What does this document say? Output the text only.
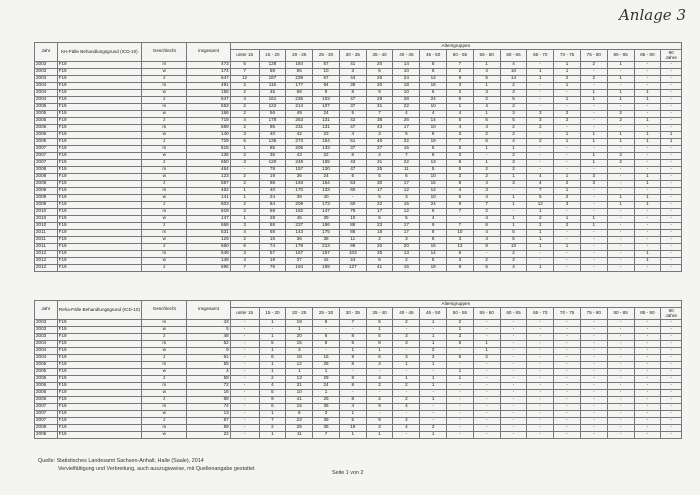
Anlage 3
Jahr	KH-Fälle Behandlungsgrund (ICD-10)	Geschlecht	insgesamt	Altersgruppen																
				unter 15	15 - 20	20 - 25	25 - 30	30 - 35	35 - 40	40 - 45	45 - 50	50 - 55	55 - 60	60 - 65	65 - 70	70 - 75	75 - 80	80 - 85	85 - 90	90 Jahre
2003	F19	m	473	5	128	184	57	41	20	14	8	7	1	4	-	1	2	1	-	-
2003	F19	w	174	7	59	55	10	3	6	10	6	2	4	10	1	1	-	-	-	-
2003	F19	z	647	12	187	239	67	44	26	24	14	9	5	14	1	2	2	1	-	-
2004	F19	m	491	2	116	177	94	39	20	18	18	3	1	2	-	1	-	-	-	-
2004	F19	w	156	2	45	58	9	8	9	10	6	2	3	3	-	-	1	1	1	-
2004	F19	z	647	4	161	235	103	47	29	28	24	5	2	5	-	1	1	1	1	-
2005	F19	m	553	2	122	214	107	37	31	22	10	1	4	2	-	-	-	-	-	-
2005	F19	w	166	2	56	49	24	5	7	4	4	4	1	3	3	2	-	2	-	-
2005	F19	z	719	4	178	263	131	42	38	26	14	5	5	5	3	2	-	2	1	-
2006	F19	m	589	2	95	231	131	47	43	17	10	4	4	2	2	-	-	-	-	-
2006	F19	w	140	3	40	42	23	4	3	5	9	3	2	2	-	1	1	1	1	1
2006	F19	z	729	5	135	273	154	51	46	22	19	7	6	4	2	1	1	1	1	1
2007	F19	m	515	1	85	205	133	37	27	15	5	5	1	1	-	-	-	-	-	-
2007	F19	w	135	2	35	43	22	6	4	7	8	3	-	2	-	-	1	2	-	-
2007	F19	z	650	3	120	248	155	43	31	22	13	8	1	3	-	-	1	2	-	-
2008	F19	m	464	-	79	157	130	47	25	11	5	5	2	2	-	-	-	-	-	-
2008	F19	w	123	2	19	36	24	6	5	6	10	3	2	1	4	1	3	-	1	-
2008	F19	z	587	2	98	193	154	53	30	17	15	8	4	3	4	2	3	-	1	-
2009	F19	m	462	1	40	170	133	60	17	12	14	4	3	-	7	1	-	-	-	-
2009	F19	w	141	1	24	39	40	-	5	3	10	5	4	1	5	2	-	1	1	-
2009	F19	z	603	2	64	209	173	60	22	15	24	9	7	1	12	3	-	1	1	-
2010	F19	m	519	2	58	192	147	76	17	12	5	7	2	-	1	-	-	-	-	-
2010	F19	w	147	1	28	45	39	10	6	5	4	-	4	1	2	1	1	-	-	-
2010	F19	z	666	3	86	237	186	86	23	17	9	7	6	1	2	2	1	-	-	-
2011	F19	m	531	4	58	143	175	88	18	17	8	10	4	5	1	-	-	-	-	-
2011	F19	w	129	2	16	36	38	11	2	3	8	3	4	5	1	-	-	-	-	-
2011	F19	z	660	6	74	179	213	99	20	20	16	13	8	10	1	1	-	-	-	-
2012	F19	m	548	3	57	157	157	103	35	13	14	6	-	2	-	-	-	-	1	-
2012	F19	w	148	4	19	37	42	24	6	2	5	3	2	2	-	-	-	-	1	-
2012	F19	z	696	7	76	194	199	127	41	16	19	9	5	4	1	-	-	-	-	-
Jahr	Reha-Fälle Behandlungsgrund (ICD-10)	Geschlecht	insgesamt	Altersgruppen																
				unter 15	15 - 20	20 - 25	25 - 30	30 - 35	35 - 40	40 - 45	45 - 50	50 - 55	55 - 60	60 - 65	65 - 70	70 - 75	75 - 80	80 - 85	85 - 90	90 Jahre
2003	F19	m	43	-	1	19	6	7	5	2	1	2	-	-	-	-	-	-	-	-
2003	F19	w	5	-	-	1	-	-	1	-	-	1	-	-	-	-	-	-	-	-
2003	F19	z	48	-	1	20	6	8	5	3	1	3	-	-	-	-	-	-	-	-
2004	F19	m	52	-	5	15	8	5	8	3	1	5	1	-	-	-	-	-	-	-
2004	F19	w	9	-	1	3	-	1	1	-	2	-	1	-	-	-	-	-	-	-
2004	F19	z	61	-	6	18	15	9	6	3	3	5	2	-	-	-	-	-	-	-
2005	F19	m	55	-	1	12	28	8	4	1	1	-	-	-	-	-	-	-	-	-
2005	F19	w	4	-	1	1	1	-	-	-	-	1	-	-	-	-	-	-	-	-
2005	F19	z	59	-	2	13	29	8	4	1	1	1	-	-	-	-	-	-	-	-
2006	F19	m	72	-	4	31	24	8	2	2	1	-	-	-	-	-	-	-	-	-
2006	F19	w	16	-	5	10	1	-	-	-	-	-	-	-	-	-	-	-	-	-
2006	F19	z	88	-	9	41	25	8	2	2	1	-	-	-	-	-	-	-	-	-
2007	F19	m	74	-	6	15	36	4	9	4	-	-	-	-	-	-	-	-	-	-
2007	F19	w	13	-	1	8	3	1	-	-	-	-	-	-	-	-	-	-	-	-
2007	F19	z	87	-	7	23	39	5	9	4	-	-	-	-	-	-	-	-	-	-
2008	F19	m	89	-	2	25	35	18	3	4	2	-	-	-	-	-	-	-	-	-
2008	F19	w	22	-	1	11	7	1	1	-	1	-	-	-	-	-	-	-	-	-
Quelle: Statistisches Landesamt Sachsen-Anhalt, Halle (Saale), 2014
Vervielfältigung und Verbreitung, auch auszugsweise, mit Quellenangabe gestattet
Seite 1 von 2
